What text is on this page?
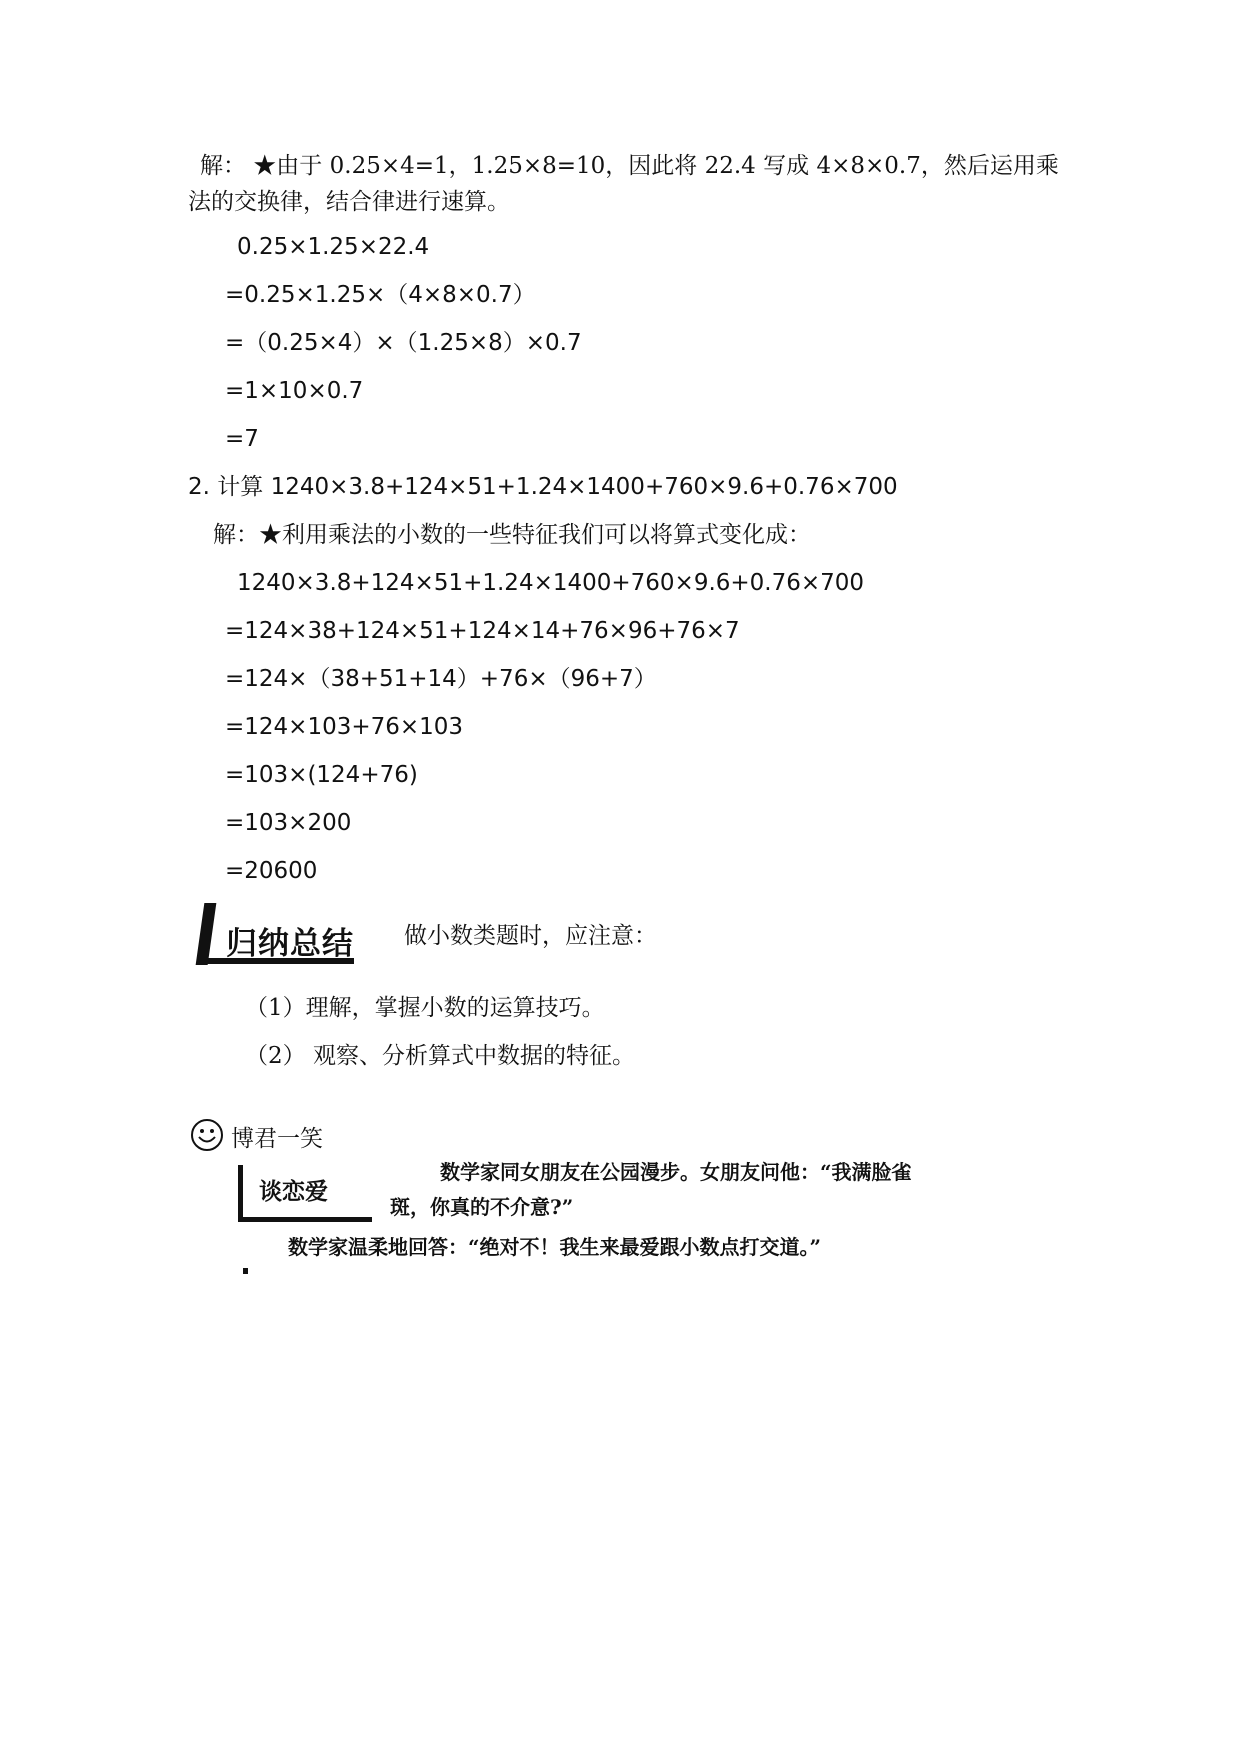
解： ★由于 0.25×4=1，1.25×8=10，因此将 22.4 写成 4×8×0.7，然后运用乘
法的交换律，结合律进行速算。
0.25×1.25×22.4
=0.25×1.25×（4×8×0.7）
=（0.25×4）×（1.25×8）×0.7
=1×10×0.7
=7
2. 计算 1240×3.8+124×51+1.24×1400+760×9.6+0.76×700
解：★利用乘法的小数的一些特征我们可以将算式变化成：
1240×3.8+124×51+1.24×1400+760×9.6+0.76×700
=124×38+124×51+124×14+76×96+76×7
=124×（38+51+14）+76×（96+7）
=124×103+76×103
=103×(124+76)
=103×200
=20600
归纳总结 做小数类题时，应注意：
（1）理解，掌握小数的运算技巧。
（2） 观察、分析算式中数据的特征。
博君一笑
谈恋爱
数学家同女朋友在公园漫步。女朋友问他：“我满脸雀
斑，你真的不介意?”
数学家温柔地回答：“绝对不！我生来最爱跟小数点打交道。”
